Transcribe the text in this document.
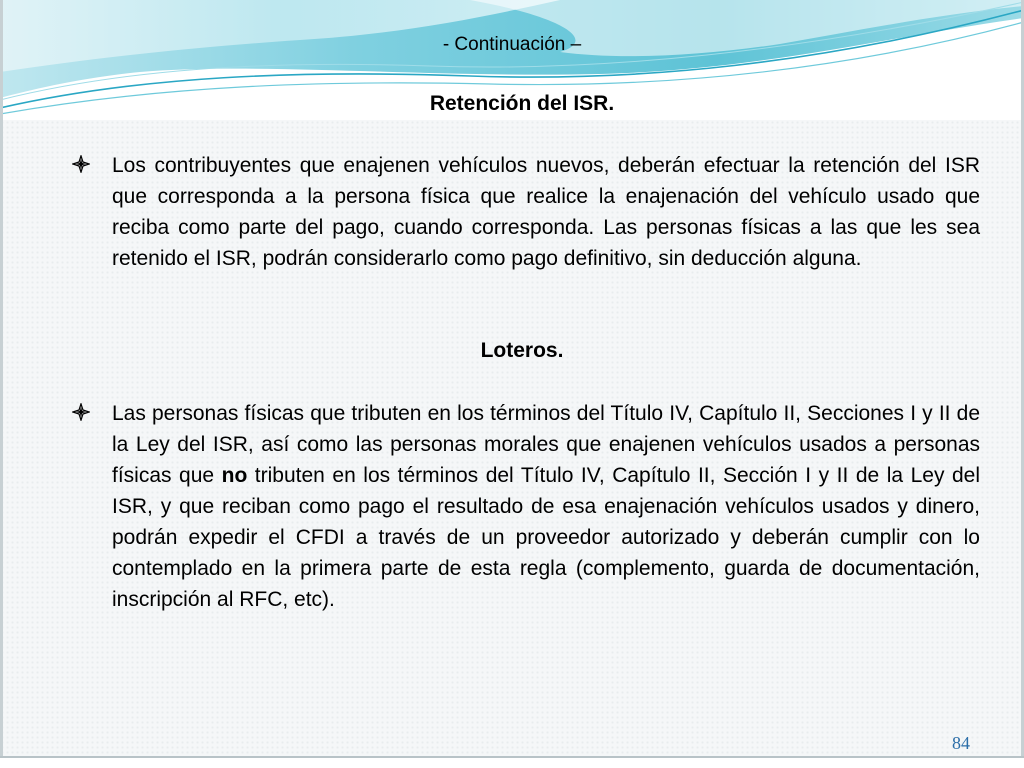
- Continuación –

Retención del ISR.

Los contribuyentes que enajenen vehículos nuevos, deberán efectuar la retención del ISR que corresponda a la persona física que realice la enajenación del vehículo usado que reciba como parte del pago, cuando corresponda. Las personas físicas a las que les sea retenido el ISR, podrán considerarlo como pago definitivo, sin deducción alguna.

Loteros.

Las personas físicas que tributen en los términos del Título IV, Capítulo II, Secciones I y II de la Ley del ISR, así como las personas morales que enajenen vehículos usados a personas físicas que no tributen en los términos del Título IV, Capítulo II, Sección I y II de la Ley del ISR, y que reciban como pago el resultado de esa enajenación vehículos usados y dinero, podrán expedir el CFDI a través de un proveedor autorizado y deberán cumplir con lo contemplado en la primera parte de esta regla (complemento, guarda de documentación, inscripción al RFC, etc).

84
